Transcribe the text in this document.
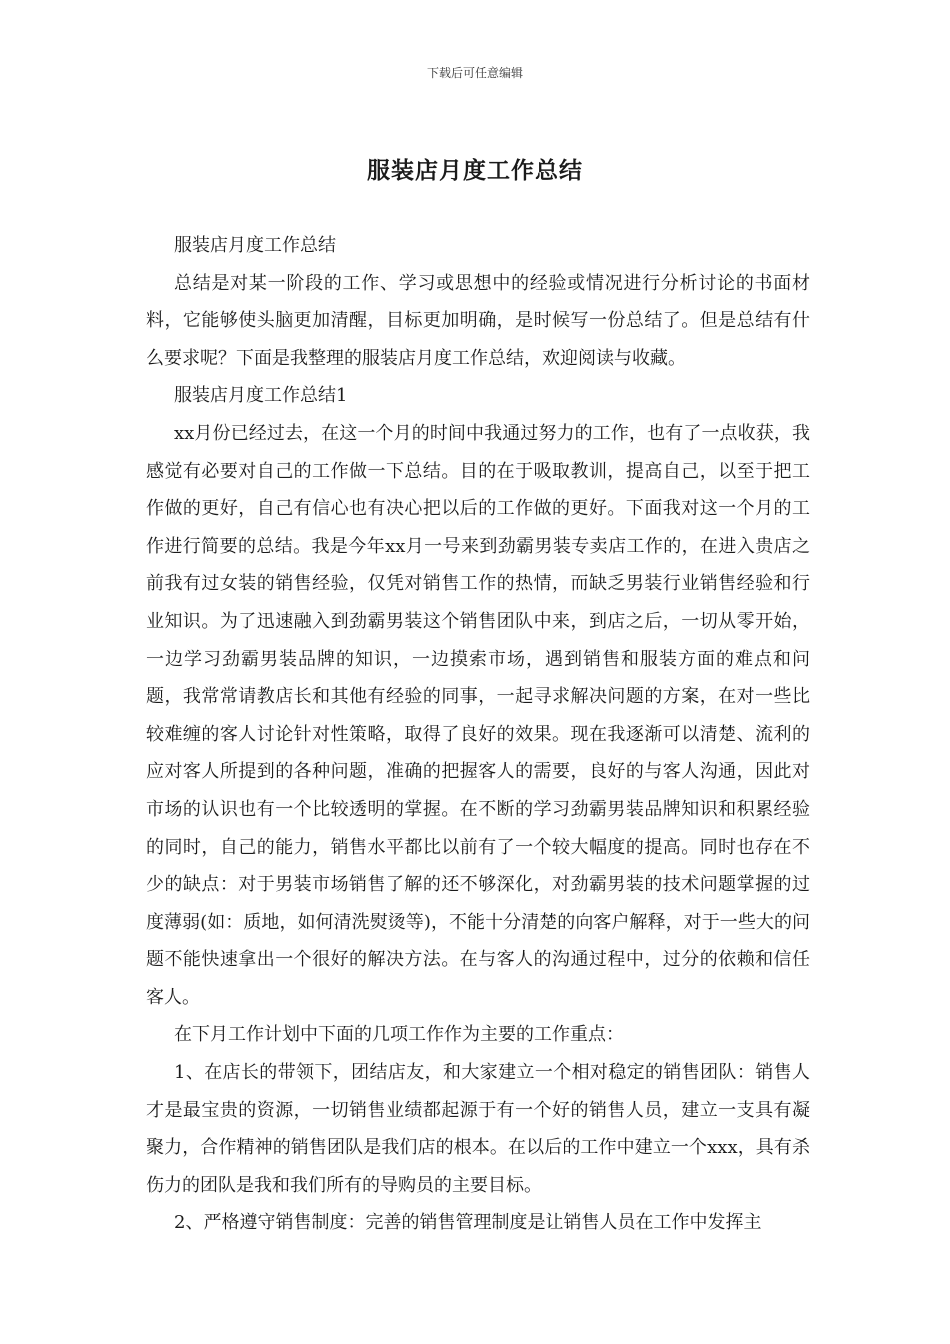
下载后可任意编辑
服装店月度工作总结

服装店月度工作总结

总结是对某一阶段的工作、学习或思想中的经验或情况进行分析讨论的书面材料，它能够使头脑更加清醒，目标更加明确，是时候写一份总结了。但是总结有什么要求呢？下面是我整理的服装店月度工作总结，欢迎阅读与收藏。

服装店月度工作总结1

xx月份已经过去，在这一个月的时间中我通过努力的工作，也有了一点收获，我感觉有必要对自己的工作做一下总结。目的在于吸取教训，提高自己，以至于把工作做的更好，自己有信心也有决心把以后的工作做的更好。下面我对这一个月的工作进行简要的总结。我是今年xx月一号来到劲霸男装专卖店工作的，在进入贵店之前我有过女装的销售经验，仅凭对销售工作的热情，而缺乏男装行业销售经验和行业知识。为了迅速融入到劲霸男装这个销售团队中来，到店之后，一切从零开始，一边学习劲霸男装品牌的知识，一边摸索市场，遇到销售和服装方面的难点和问题，我常常请教店长和其他有经验的同事，一起寻求解决问题的方案，在对一些比较难缠的客人讨论针对性策略，取得了良好的效果。现在我逐渐可以清楚、流利的应对客人所提到的各种问题，准确的把握客人的需要，良好的与客人沟通，因此对市场的认识也有一个比较透明的掌握。在不断的学习劲霸男装品牌知识和积累经验的同时，自己的能力，销售水平都比以前有了一个较大幅度的提高。同时也存在不少的缺点：对于男装市场销售了解的还不够深化，对劲霸男装的技术问题掌握的过度薄弱(如：质地，如何清洗熨烫等)，不能十分清楚的向客户解释，对于一些大的问题不能快速拿出一个很好的解决方法。在与客人的沟通过程中，过分的依赖和信任客人。

在下月工作计划中下面的几项工作作为主要的工作重点：

1、在店长的带领下，团结店友，和大家建立一个相对稳定的销售团队：销售人才是最宝贵的资源，一切销售业绩都起源于有一个好的销售人员，建立一支具有凝聚力，合作精神的销售团队是我们店的根本。在以后的工作中建立一个xxx，具有杀伤力的团队是我和我们所有的导购员的主要目标。

2、严格遵守销售制度：完善的销售管理制度是让销售人员在工作中发挥主
